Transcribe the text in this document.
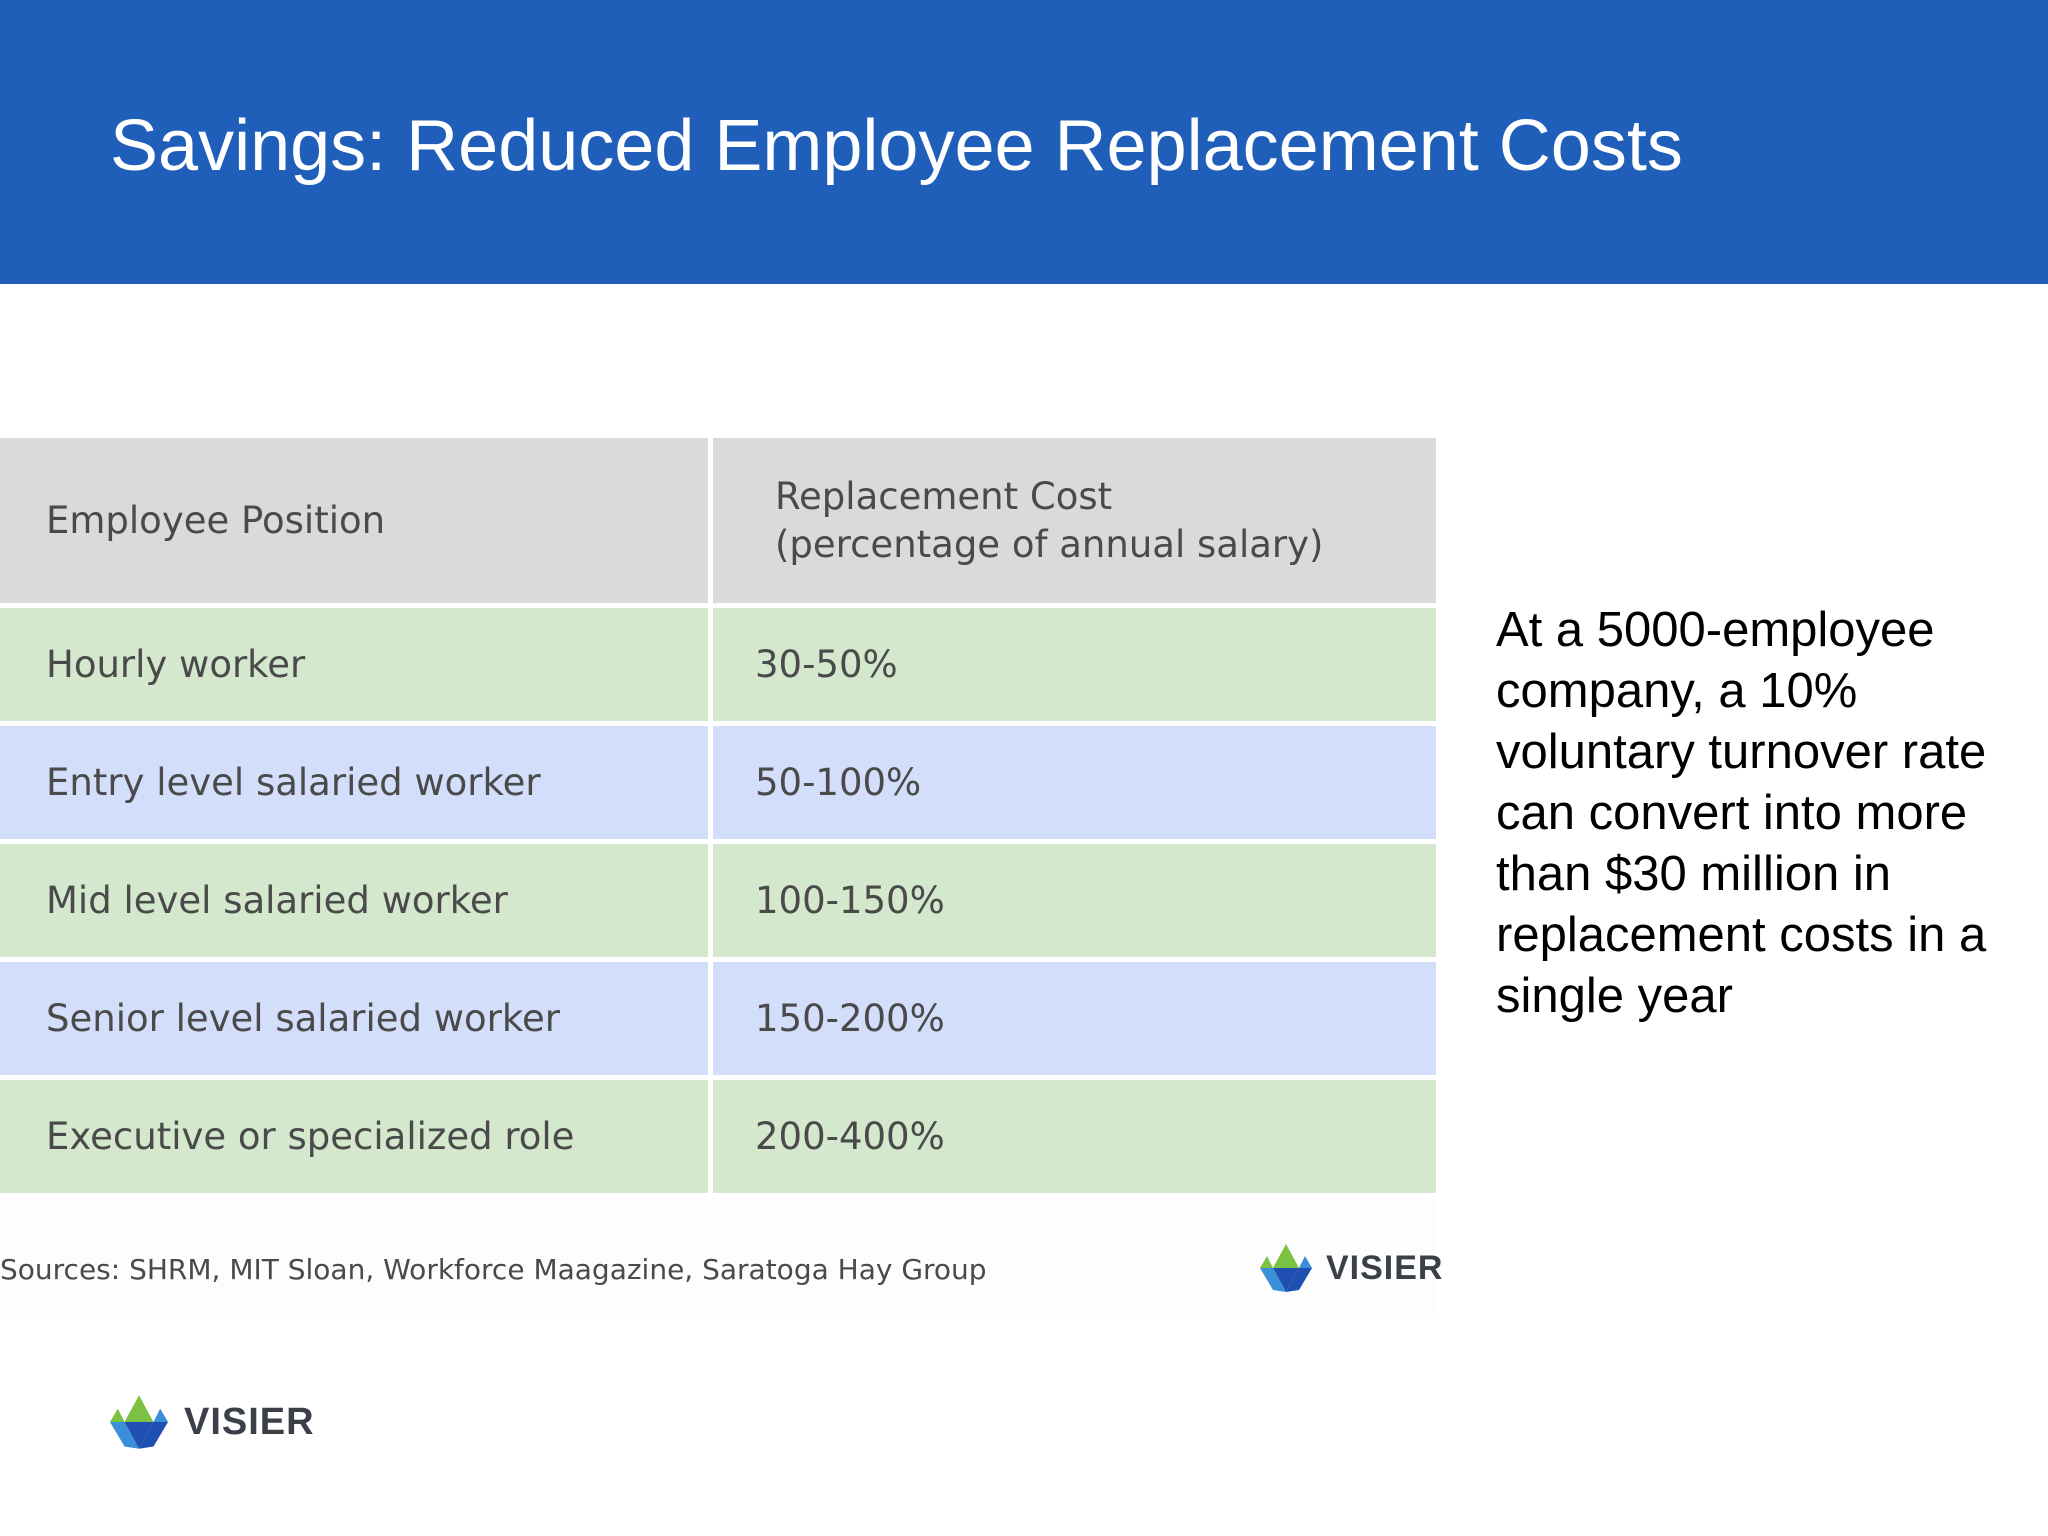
Savings: Reduced Employee Replacement Costs
Employee Position	Replacement Cost
(percentage of annual salary)

Hourly worker	30-50%
Entry level salaried worker	50-100%
Mid level salaried worker	100-150%
Senior level salaried worker	150-200%
Executive or specialized role	200-400%
Sources: SHRM, MIT Sloan, Workforce Maagazine, Saratoga Hay Group	VISIER

At a 5000-employee company, a 10% voluntary turnover rate can convert into more than $30 million in replacement costs in a single year

VISIER
